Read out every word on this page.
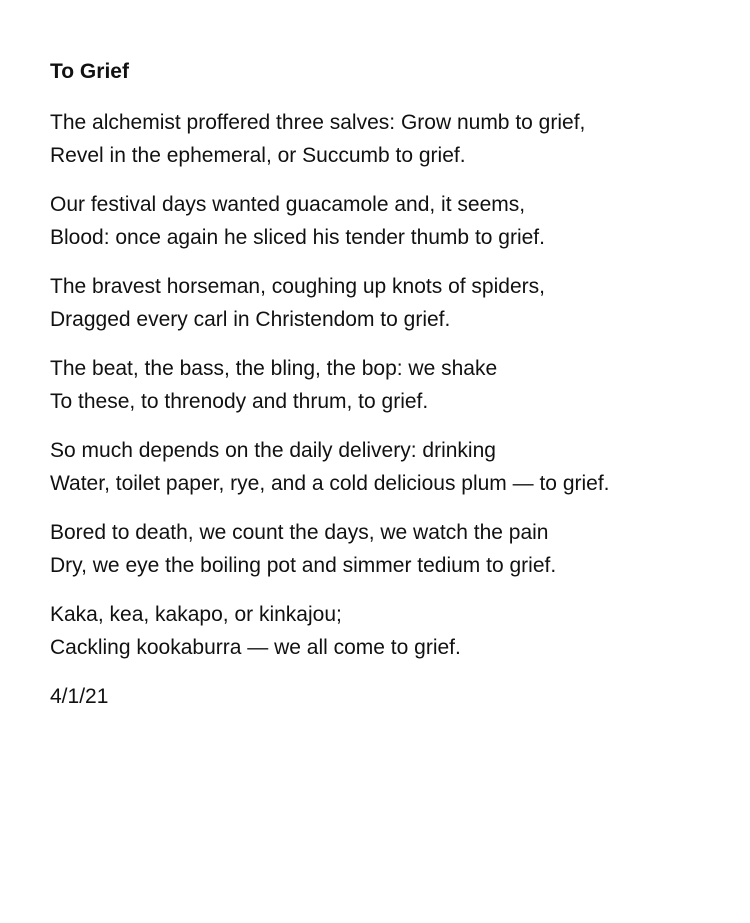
To Grief
The alchemist proffered three salves: Grow numb to grief,
Revel in the ephemeral, or Succumb to grief.
Our festival days wanted guacamole and, it seems,
Blood: once again he sliced his tender thumb to grief.
The bravest horseman, coughing up knots of spiders,
Dragged every carl in Christendom to grief.
The beat, the bass, the bling, the bop: we shake
To these, to threnody and thrum, to grief.
So much depends on the daily delivery: drinking
Water, toilet paper, rye, and a cold delicious plum — to grief.
Bored to death, we count the days, we watch the pain
Dry, we eye the boiling pot and simmer tedium to grief.
Kaka, kea, kakapo, or kinkajou;
Cackling kookaburra — we all come to grief.
4/1/21
